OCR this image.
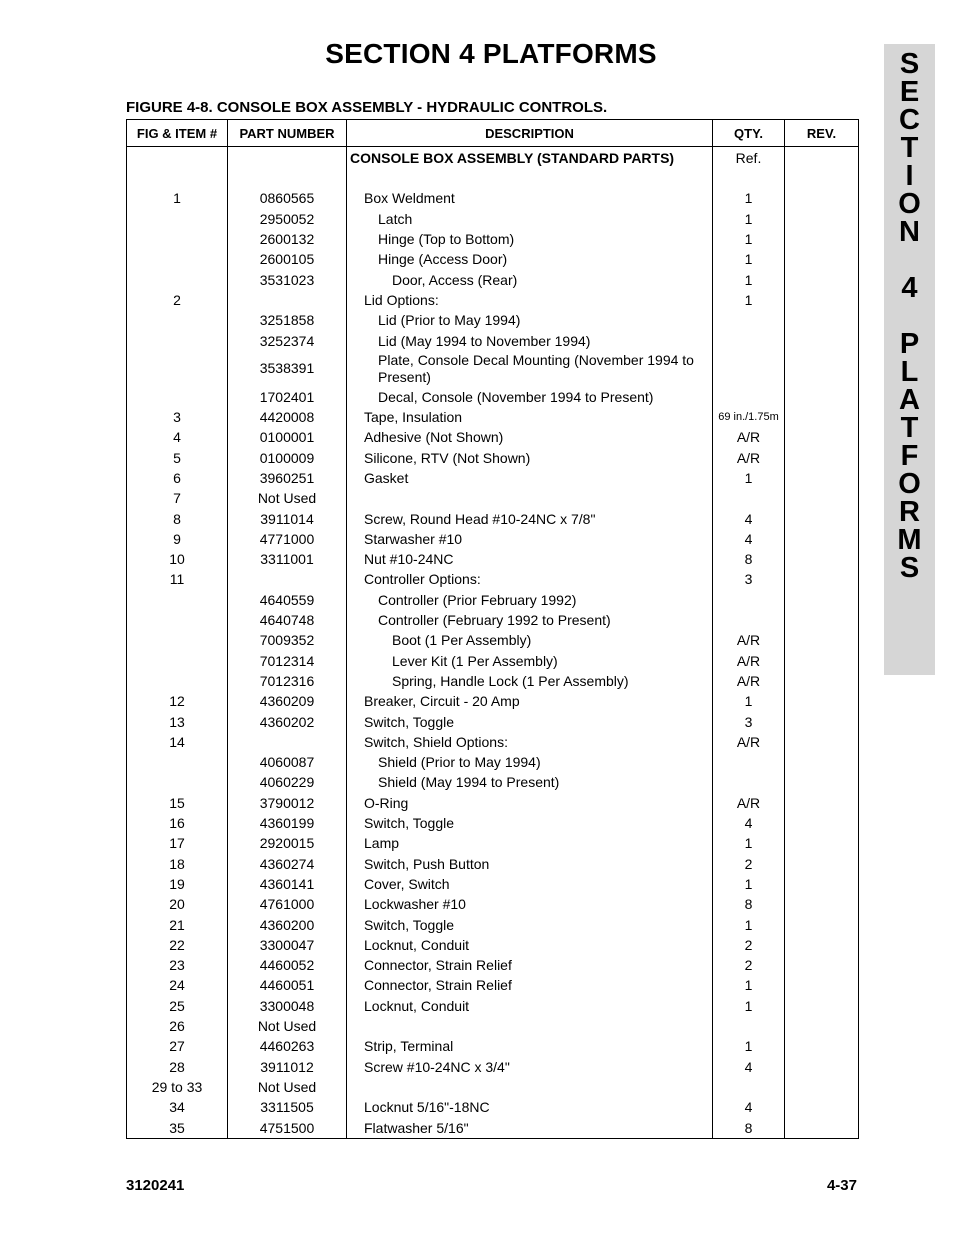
SECTION 4 PLATFORMS	S
E
C
T
I
O
N
4
P
L
A
T
F
O
R
M
S
FIGURE 4-8. CONSOLE BOX ASSEMBLY - HYDRAULIC CONTROLS.
FIG & ITEM #	PART NUMBER	DESCRIPTION	QTY.	REV.
		CONSOLE BOX ASSEMBLY (STANDARD PARTS)	Ref.	

1	0860565	Box Weldment	1	
	2950052	Latch	1	
	2600132	Hinge (Top to Bottom)	1	
	2600105	Hinge (Access Door)	1	
	3531023	Door, Access (Rear)	1	
2		Lid Options:	1	
	3251858	Lid (Prior to May 1994)		
	3252374	Lid (May 1994 to November 1994)		
	3538391	Plate, Console Decal Mounting (November 1994 to Present)		
	1702401	Decal, Console (November 1994 to Present)		
3	4420008	Tape, Insulation	69 in./1.75m	
4	0100001	Adhesive (Not Shown)	A/R	
5	0100009	Silicone, RTV (Not Shown)	A/R	
6	3960251	Gasket	1	
7	Not Used			
8	3911014	Screw, Round Head #10-24NC x 7/8"	4	
9	4771000	Starwasher #10	4	
10	3311001	Nut #10-24NC	8	
11		Controller Options:	3	
	4640559	Controller (Prior February 1992)		
	4640748	Controller (February 1992 to Present)		
	7009352	Boot (1 Per Assembly)	A/R	
	7012314	Lever Kit (1 Per Assembly)	A/R	
	7012316	Spring, Handle Lock (1 Per Assembly)	A/R	
12	4360209	Breaker, Circuit - 20 Amp	1	
13	4360202	Switch, Toggle	3	
14		Switch, Shield Options:	A/R	
	4060087	Shield (Prior to May 1994)		
	4060229	Shield (May 1994 to Present)		
15	3790012	O-Ring	A/R	
16	4360199	Switch, Toggle	4	
17	2920015	Lamp	1	
18	4360274	Switch, Push Button	2	
19	4360141	Cover, Switch	1	
20	4761000	Lockwasher #10	8	
21	4360200	Switch, Toggle	1	
22	3300047	Locknut, Conduit	2	
23	4460052	Connector, Strain Relief	2	
24	4460051	Connector, Strain Relief	1	
25	3300048	Locknut, Conduit	1	
26	Not Used			
27	4460263	Strip, Terminal	1	
28	3911012	Screw #10-24NC x 3/4"	4	
29 to 33	Not Used			
34	3311505	Locknut 5/16"-18NC	4	
35	4751500	Flatwasher 5/16"	8	
3120241	4-37
